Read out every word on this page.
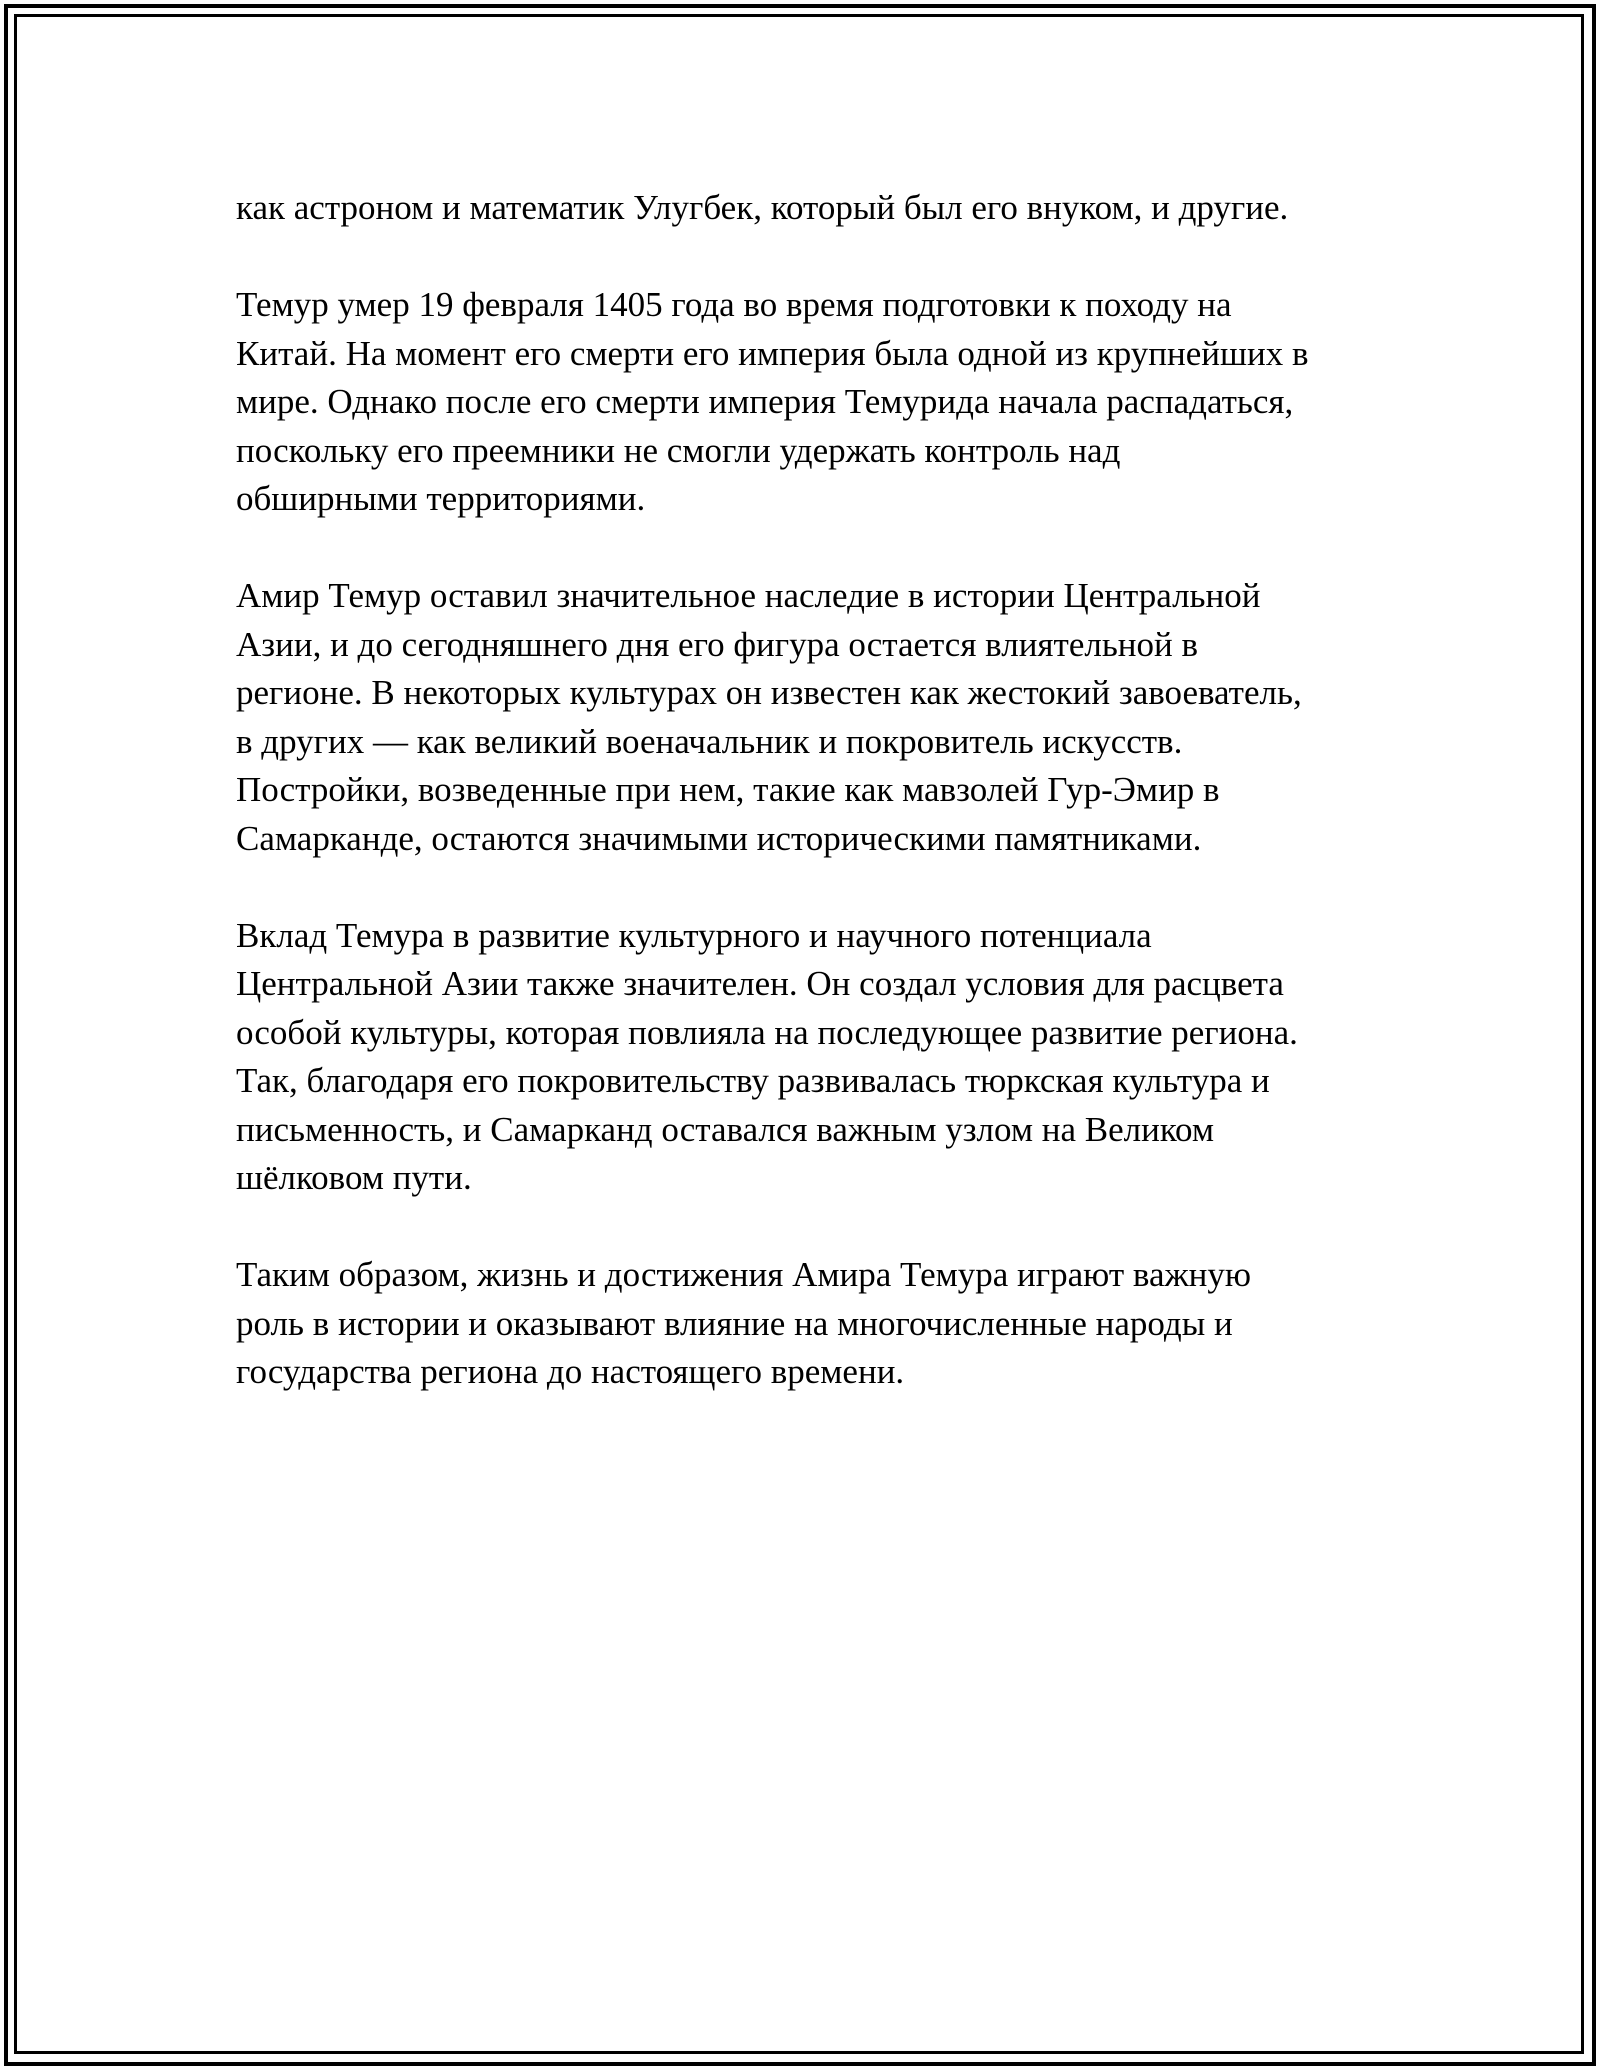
как астроном и математик Улугбек, который был его внуком, и другие.

Темур умер 19 февраля 1405 года во время подготовки к походу на
Китай. На момент его смерти его империя была одной из крупнейших в
мире. Однако после его смерти империя Темурида начала распадаться,
поскольку его преемники не смогли удержать контроль над
обширными территориями.

Амир Темур оставил значительное наследие в истории Центральной
Азии, и до сегодняшнего дня его фигура остается влиятельной в
регионе. В некоторых культурах он известен как жестокий завоеватель,
в других — как великий военачальник и покровитель искусств.
Постройки, возведенные при нем, такие как мавзолей Гур-Эмир в
Самарканде, остаются значимыми историческими памятниками.

Вклад Темура в развитие культурного и научного потенциала
Центральной Азии также значителен. Он создал условия для расцвета
особой культуры, которая повлияла на последующее развитие региона.
Так, благодаря его покровительству развивалась тюркская культура и
письменность, и Самарканд оставался важным узлом на Великом
шёлковом пути.

Таким образом, жизнь и достижения Амира Темура играют важную
роль в истории и оказывают влияние на многочисленные народы и
государства региона до настоящего времени.
